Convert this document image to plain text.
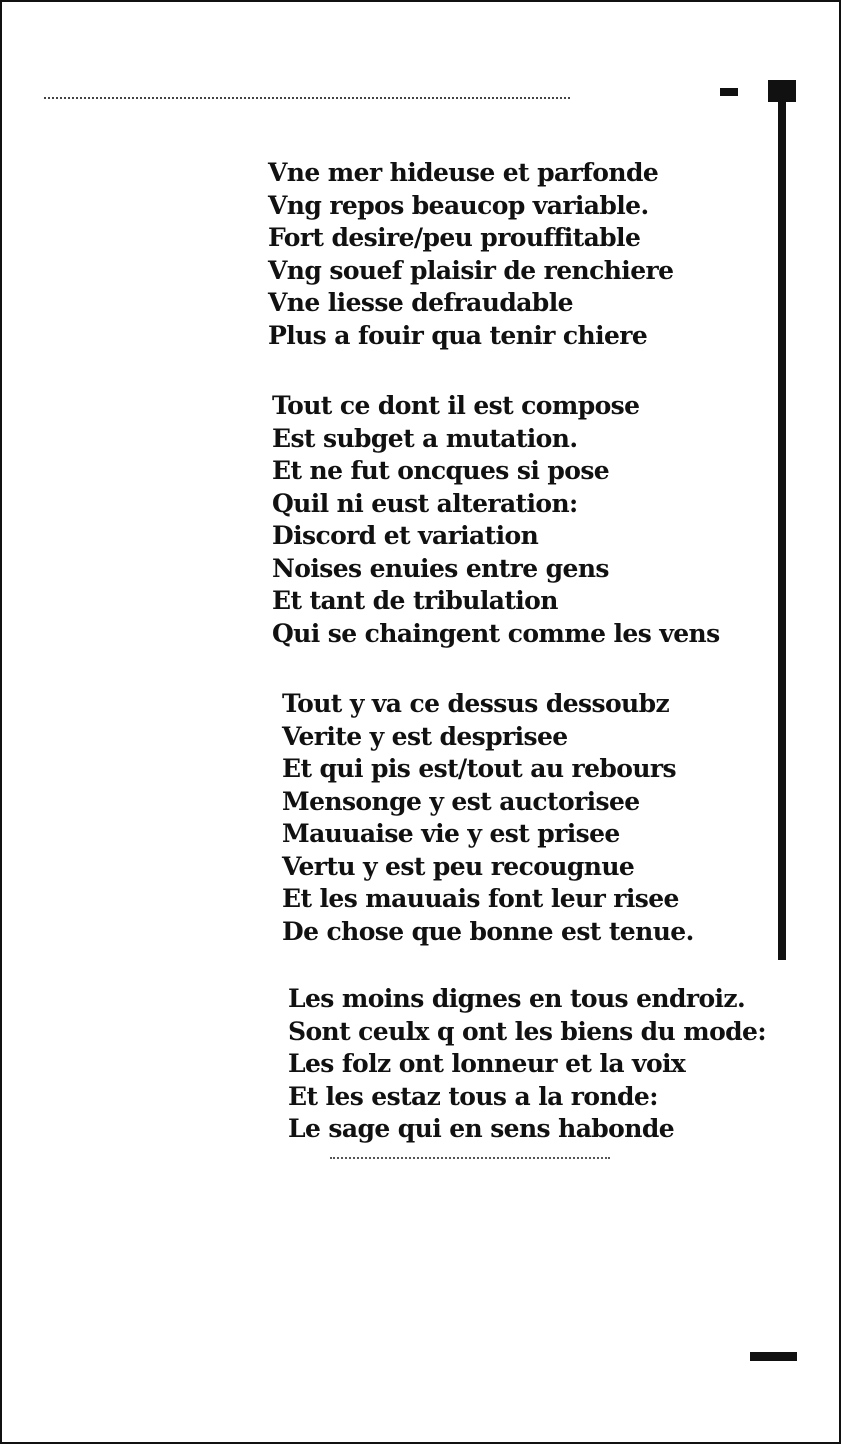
Vne mer hideuse et parfonde
Vng repos beaucop variable.
Fort desire/peu prouffitable
Vng souef plaisir de renchiere
Vne liesse defraudable
Plus a fouir qua tenir chiere
Tout ce dont il est compose
Est subget a mutation.
Et ne fut oncques si pose
Quil ni eust alteration:
Discord et variation
Noises enuies entre gens
Et tant de tribulation
Qui se chaingent comme les vens
Tout y va ce dessus dessoubz
Verite y est desprisee
Et qui pis est/tout au rebours
Mensonge y est auctorisee
Mauuaise vie y est prisee
Vertu y est peu recougnue
Et les mauuais font leur risee
De chose que bonne est tenue.
Les moins dignes en tous endroiz.
Sont ceulx q ont les biens du mode:
Les folz ont lonneur et la voix
Et les estaz tous a la ronde:
Le sage qui en sens habonde
